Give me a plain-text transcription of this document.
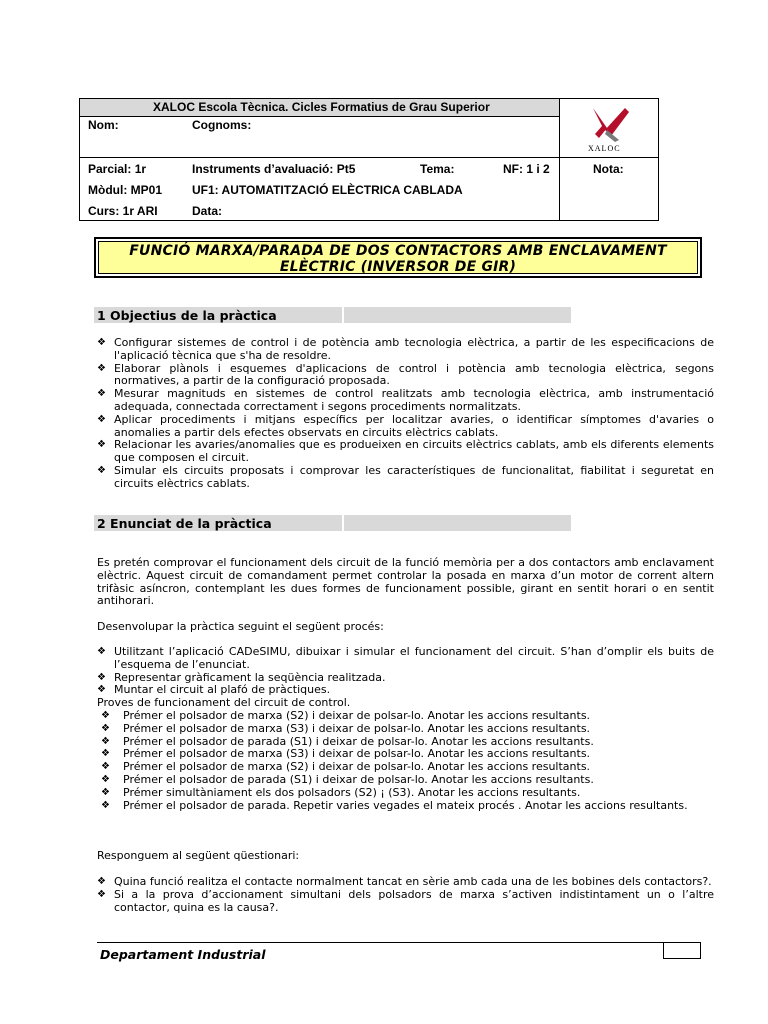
XALOC Escola Tècnica. Cicles Formatius de Grau Superior
Nom:	Cognoms:
Parcial: 1r	Instruments d’avaluació: Pt5	Tema:	NF: 1 i 2	Nota:
Mòdul: MP01	UF1: AUTOMATITZACIÓ ELÈCTRICA CABLADA
Curs: 1r ARI	Data:
XALOC
FUNCIÓ MARXA/PARADA DE DOS CONTACTORS AMB ENCLAVAMENT
ELÈCTRIC (INVERSOR DE GIR)
1 Objectius de la pràctica
❖ Configurar sistemes de control i de potència amb tecnologia elèctrica, a partir de les especificacions de l'aplicació tècnica que s'ha de resoldre.
❖ Elaborar plànols i esquemes d'aplicacions de control i potència amb tecnologia elèctrica, segons normatives, a partir de la configuració proposada.
❖ Mesurar magnituds en sistemes de control realitzats amb tecnologia elèctrica, amb instrumentació adequada, connectada correctament i segons procediments normalitzats.
❖ Aplicar procediments i mitjans específics per localitzar avaries, o identificar símptomes d'avaries o anomalies a partir dels efectes observats en circuits elèctrics cablats.
❖ Relacionar les avaries/anomalies que es produeixen en circuits elèctrics cablats, amb els diferents elements que composen el circuit.
❖ Simular els circuits proposats i comprovar les característiques de funcionalitat, fiabilitat i seguretat en circuits elèctrics cablats.
2 Enunciat de la pràctica
Es pretén comprovar el funcionament dels circuit de la funció memòria per a dos contactors amb enclavament elèctric. Aquest circuit de comandament permet controlar la posada en marxa d’un motor de corrent altern trifàsic asíncron, contemplant les dues formes de funcionament possible, girant en sentit horari o en sentit antihorari.
Desenvolupar la pràctica seguint el següent procés:
❖ Utilitzant l’aplicació CADeSIMU, dibuixar i simular el funcionament del circuit. S’han d’omplir els buits de l’esquema de l’enunciat.
❖ Representar gràficament la seqüència realitzada.
❖ Muntar el circuit al plafó de pràctiques.
Proves de funcionament del circuit de control.
❖ Prémer el polsador de marxa (S2) i deixar de polsar-lo. Anotar les accions resultants.
❖ Prémer el polsador de marxa (S3) i deixar de polsar-lo. Anotar les accions resultants.
❖ Prémer el polsador de parada (S1) i deixar de polsar-lo. Anotar les accions resultants.
❖ Prémer el polsador de marxa (S3) i deixar de polsar-lo. Anotar les accions resultants.
❖ Prémer el polsador de marxa (S2) i deixar de polsar-lo. Anotar les accions resultants.
❖ Prémer el polsador de parada (S1) i deixar de polsar-lo. Anotar les accions resultants.
❖ Prémer simultàniament els dos polsadors (S2) ¡ (S3). Anotar les accions resultants.
❖ Prémer el polsador de parada. Repetir varies vegades el mateix procés . Anotar les accions resultants.
Responguem al següent qüestionari:
❖ Quina funció realitza el contacte normalment tancat en sèrie amb cada una de les bobines dels contactors?.
❖ Si a la prova d’accionament simultani dels polsadors de marxa s’activen indistintament un o l’altre contactor, quina es la causa?.
Departament Industrial
